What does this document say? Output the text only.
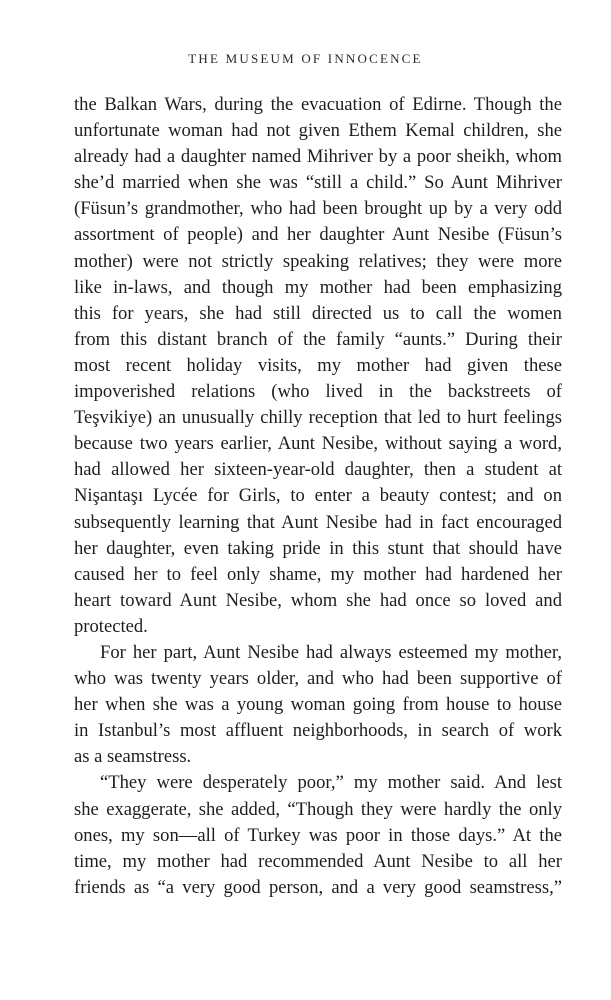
THE MUSEUM OF INNOCENCE
the Balkan Wars, during the evacuation of Edirne. Though the
unfortunate woman had not given Ethem Kemal children, she
already had a daughter named Mihriver by a poor sheikh, whom
she’d married when she was “still a child.” So Aunt Mihriver
(Füsun’s grandmother, who had been brought up by a very odd
assortment of people) and her daughter Aunt Nesibe (Füsun’s
mother) were not strictly speaking relatives; they were more
like in-laws, and though my mother had been emphasizing
this for years, she had still directed us to call the women
from this distant branch of the family “aunts.” During their
most recent holiday visits, my mother had given these
impoverished relations (who lived in the backstreets of
Teşvikiye) an unusually chilly reception that led to hurt feelings
because two years earlier, Aunt Nesibe, without saying a word,
had allowed her sixteen-year-old daughter, then a student at
Nişantaşı Lycée for Girls, to enter a beauty contest; and on
subsequently learning that Aunt Nesibe had in fact encouraged
her daughter, even taking pride in this stunt that should have
caused her to feel only shame, my mother had hardened her
heart toward Aunt Nesibe, whom she had once so loved and
protected.
For her part, Aunt Nesibe had always esteemed my mother,
who was twenty years older, and who had been supportive of
her when she was a young woman going from house to house
in Istanbul’s most affluent neighborhoods, in search of work
as a seamstress.
“They were desperately poor,” my mother said. And lest
she exaggerate, she added, “Though they were hardly the only
ones, my son—all of Turkey was poor in those days.” At the
time, my mother had recommended Aunt Nesibe to all her
friends as “a very good person, and a very good seamstress,”
